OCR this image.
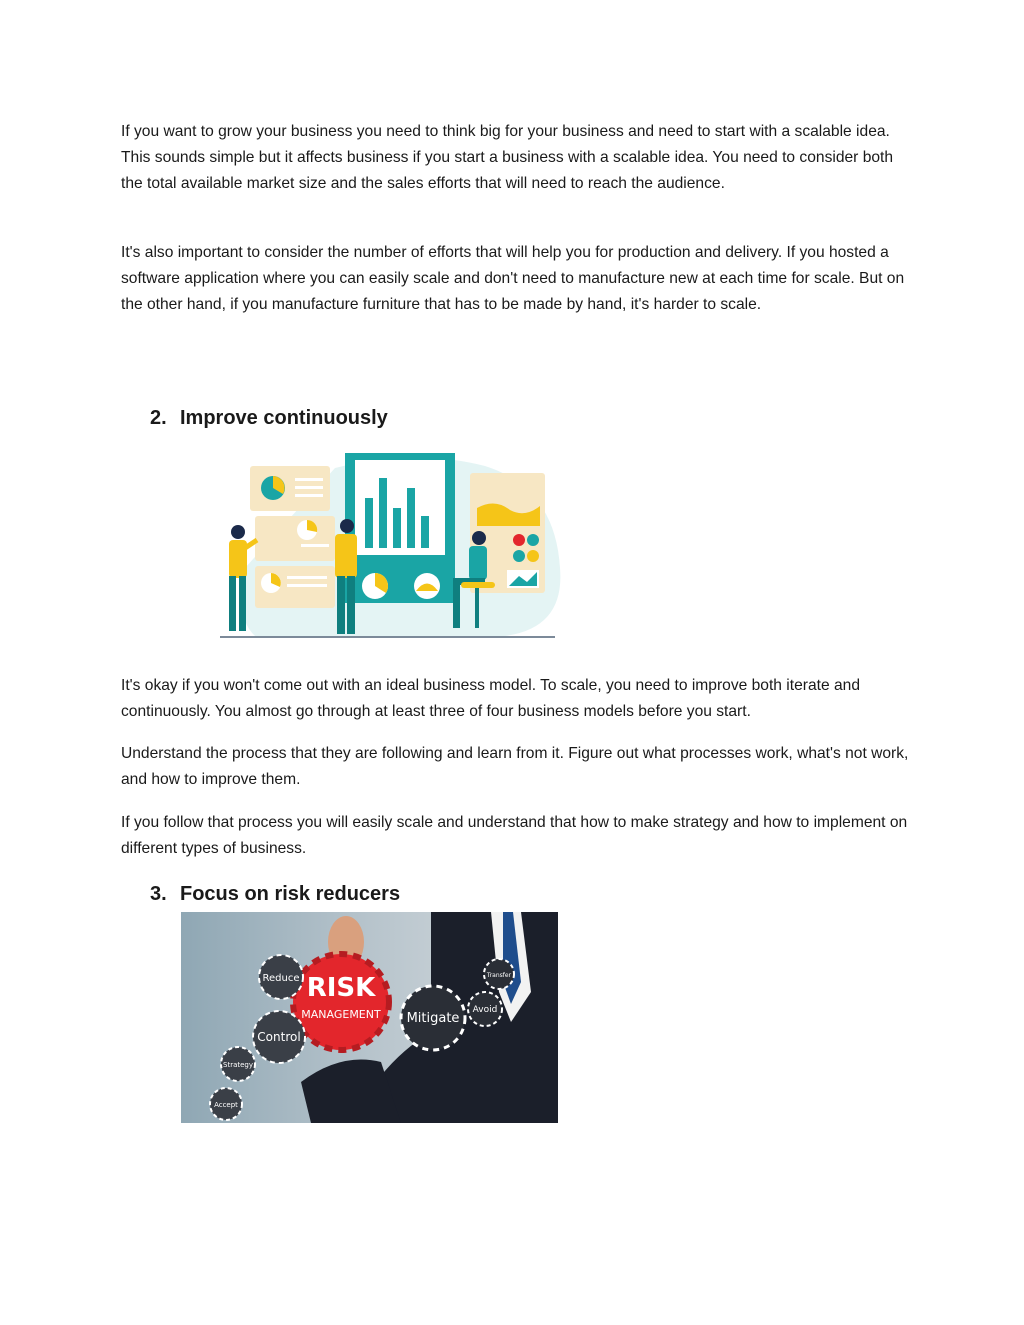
If you want to grow your business you need to think big for your business and need to start with a scalable idea. This sounds simple but it affects business if you start a business with a scalable idea. You need to consider both the total available market size and the sales efforts that will need to reach the audience.

It's also important to consider the number of efforts that will help you for production and delivery. If you hosted a software application where you can easily scale and don't need to manufacture new at each time for scale. But on the other hand, if you manufacture furniture that has to be made by hand, it's harder to scale.

2. Improve continuously

It's okay if you won't come out with an ideal business model. To scale, you need to improve both iterate and continuously. You almost go through at least three of four business models before you start.

Understand the process that they are following and learn from it. Figure out what processes work, what's not work, and how to improve them.

If you follow that process you will easily scale and understand that how to make strategy and how to implement on different types of business.

3. Focus on risk reducers
RISK
MANAGEMENT
Reduce
Control
Strategy
Accept
Mitigate
Avoid
Transfer
